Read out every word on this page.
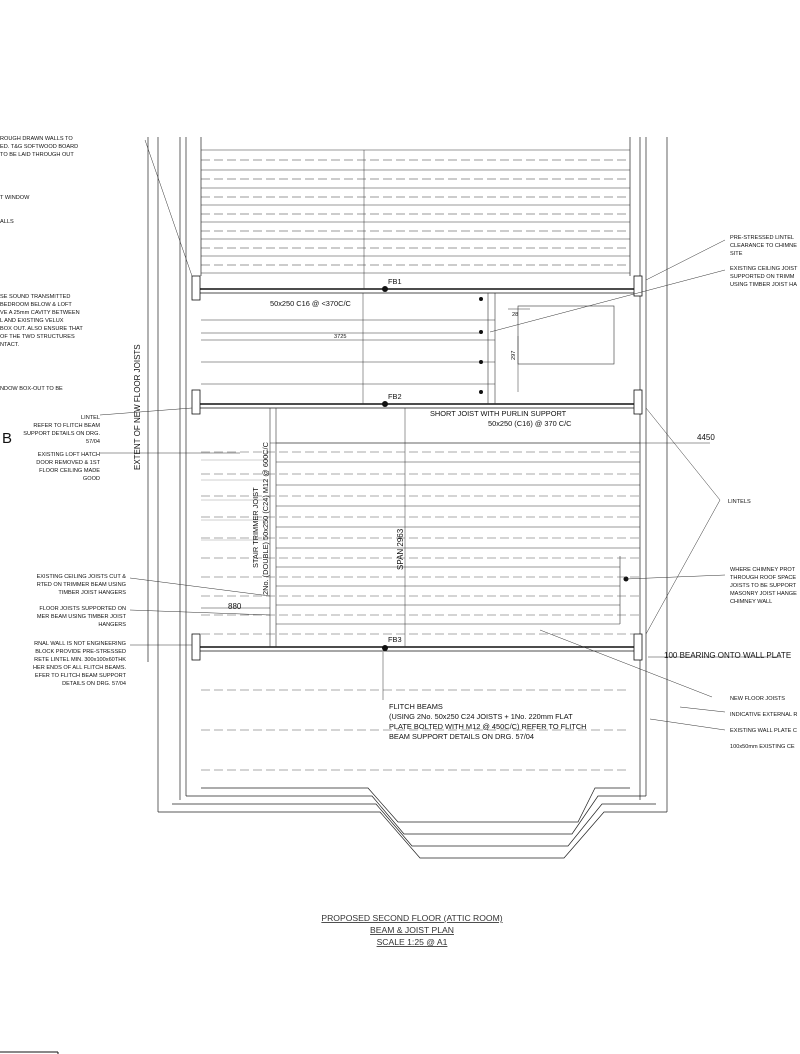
ROUGH DRAWN WALLS TO
ED. T&G SOFTWOOD BOARD
TO BE LAID THROUGH OUT
T WINDOW
ALLS
SE SOUND TRANSMITTED
BEDROOM BELOW & LOFT
VE A 25mm CAVITY BETWEEN
L AND EXISTING VELUX
BOX OUT. ALSO ENSURE THAT
OF THE TWO STRUCTURES
NTACT.
NDOW BOX-OUT TO BE
LINTEL
REFER TO FLITCH BEAM
SUPPORT DETAILS ON DRG.
57/04
EXISTING LOFT HATCH
DOOR REMOVED & 1ST
FLOOR CEILING MADE
GOOD
EXISTING CEILING JOISTS CUT &
RTED ON TRIMMER BEAM USING
TIMBER JOIST HANGERS
FLOOR JOISTS SUPPORTED ON
MER BEAM USING TIMBER JOIST
HANGERS
RNAL WALL IS NOT ENGINEERING
BLOCK PROVIDE PRE-STRESSED
RETE LINTEL MIN. 300x100x60THK
HER ENDS OF ALL FLITCH BEAMS.
EFER TO FLITCH BEAM SUPPORT
DETAILS ON DRG. 57/04
B
PRE-STRESSED LINTEL
CLEARANCE TO CHIMNE
SITE
EXISTING CEILING JOIST
SUPPORTED ON TRIMM
USING TIMBER JOIST HA
LINTELS
WHERE CHIMNEY PROT
THROUGH ROOF SPACE
JOISTS TO BE SUPPORT
MASONRY JOIST HANGE
CHIMNEY WALL
NEW FLOOR JOISTS
INDICATIVE EXTERNAL R
EXISTING WALL PLATE C
100x50mm EXISTING CE
FB1
FB2
FB3
50x250 C16 @ <370C/C
3725
28
SHORT JOIST WITH PURLIN SUPPORT
50x250 (C16) @ 370 C/C
4450
880
100 BEARING ONTO WALL PLATE
FLITCH BEAMS
(USING 2No. 50x250 C24 JOISTS + 1No. 220mm FLAT
PLATE BOLTED WITH M12 @ 450C/C) REFER TO FLITCH
BEAM SUPPORT DETAILS ON DRG. 57/04
EXTENT OF NEW FLOOR JOISTS
STAIR TRIMMER JOIST 2No. (DOUBLE) 50x250 (C24) M12 @ 600C/C	SPAN 2963
297
PROPOSED SECOND FLOOR (ATTIC ROOM)
BEAM & JOIST PLAN
SCALE 1:25 @ A1
